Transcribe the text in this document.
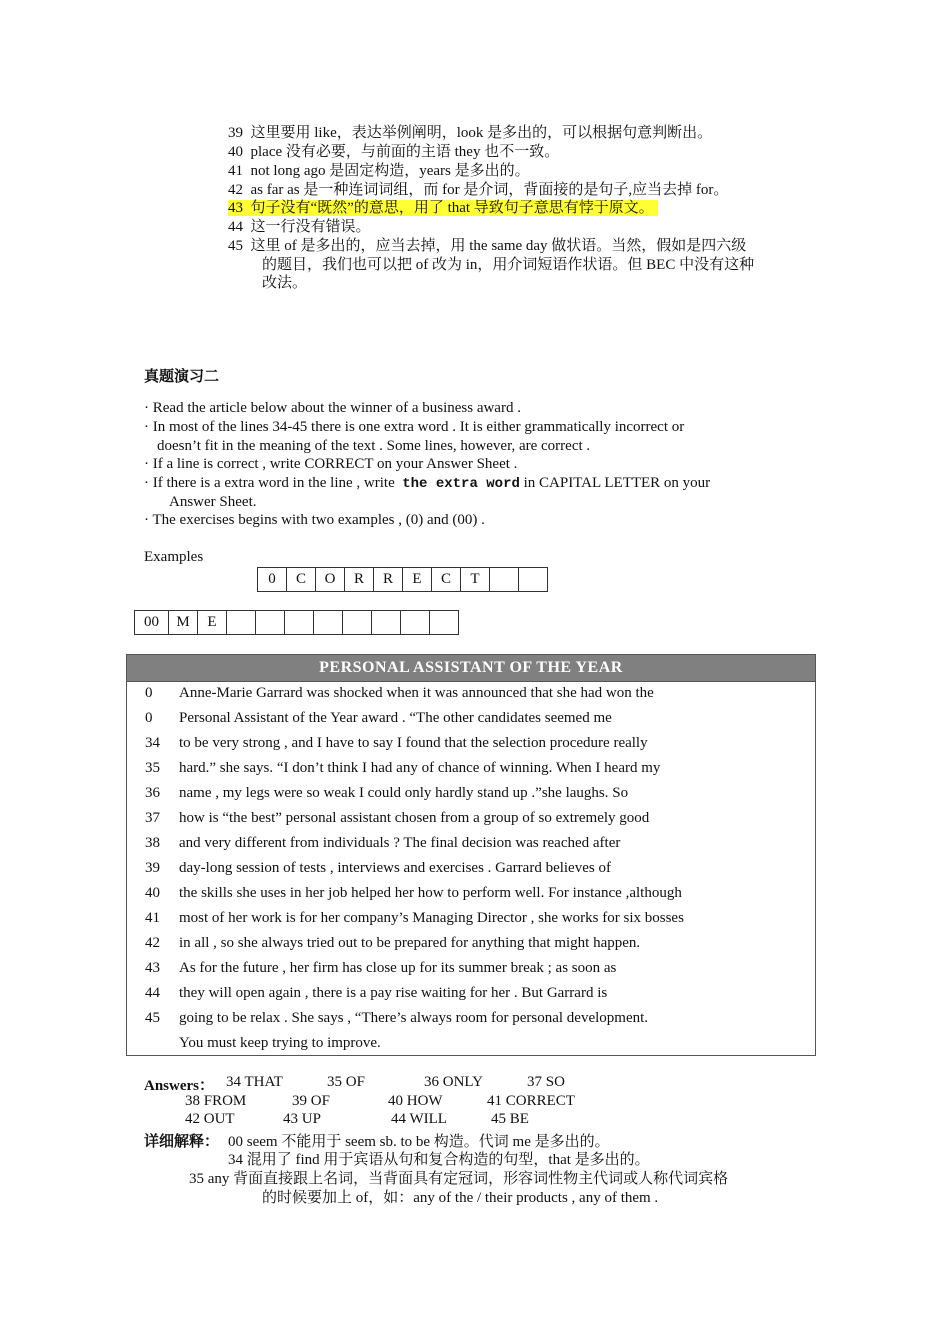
39 这里要用 like，表达举例阐明，look 是多出的，可以根据句意判断出。
40 place 没有必要，与前面的主语 they 也不一致。
41 not long ago 是固定构造，years 是多出的。
42 as far as 是一种连词词组，而 for 是介词，背面接的是句子,应当去掉 for。
43 句子没有“既然”的意思，用了 that 导致句子意思有悖于原文。
44 这一行没有错误。
45 这里 of 是多出的，应当去掉，用 the same day 做状语。当然，假如是四六级
的题目，我们也可以把 of 改为 in，用介词短语作状语。但 BEC 中没有这种
改法。
真题演习二
· Read the article below about the winner of a business award .
· In most of the lines 34-45 there is one extra word . It is either grammatically incorrect or
doesn’t fit in the meaning of the text . Some lines, however, are correct .
· If a line is correct , write CORRECT on your Answer Sheet .
· If there is a extra word in the line , write the extra word in CAPITAL LETTER on your
Answer Sheet.
· The exercises begins with two examples , (0) and (00) .
Examples
0	C	O	R	R	E	C	T
00	M	E
PERSONAL ASSISTANT OF THE YEAR
0	Anne-Marie Garrard was shocked when it was announced that she had won the
0	Personal Assistant of the Year award . “The other candidates seemed me
34	to be very strong , and I have to say I found that the selection procedure really
35	hard.” she says. “I don’t think I had any of chance of winning. When I heard my
36	name , my legs were so weak I could only hardly stand up .”she laughs. So
37	how is “the best” personal assistant chosen from a group of so extremely good
38	and very different from individuals ? The final decision was reached after
39	day-long session of tests , interviews and exercises . Garrard believes of
40	the skills she uses in her job helped her how to perform well. For instance ,although
41	most of her work is for her company’s Managing Director , she works for six bosses
42	in all , so she always tried out to be prepared for anything that might happen.
43	As for the future , her firm has close up for its summer break ; as soon as
44	they will open again , there is a pay rise waiting for her . But Garrard is
45	going to be relax . She says , “There’s always room for personal development.
You must keep trying to improve.
Answers： 34 THAT	35 OF	36 ONLY	37 SO
38 FROM	39 OF	40 HOW	41 CORRECT
42 OUT	43 UP	44 WILL	45 BE
详细解释： 00 seem 不能用于 seem sb. to be 构造。代词 me 是多出的。
34 混用了 find 用于宾语从句和复合构造的句型，that 是多出的。
35 any 背面直接跟上名词，当背面具有定冠词，形容词性物主代词或人称代词宾格
的时候要加上 of，如：any of the / their products , any of them .
